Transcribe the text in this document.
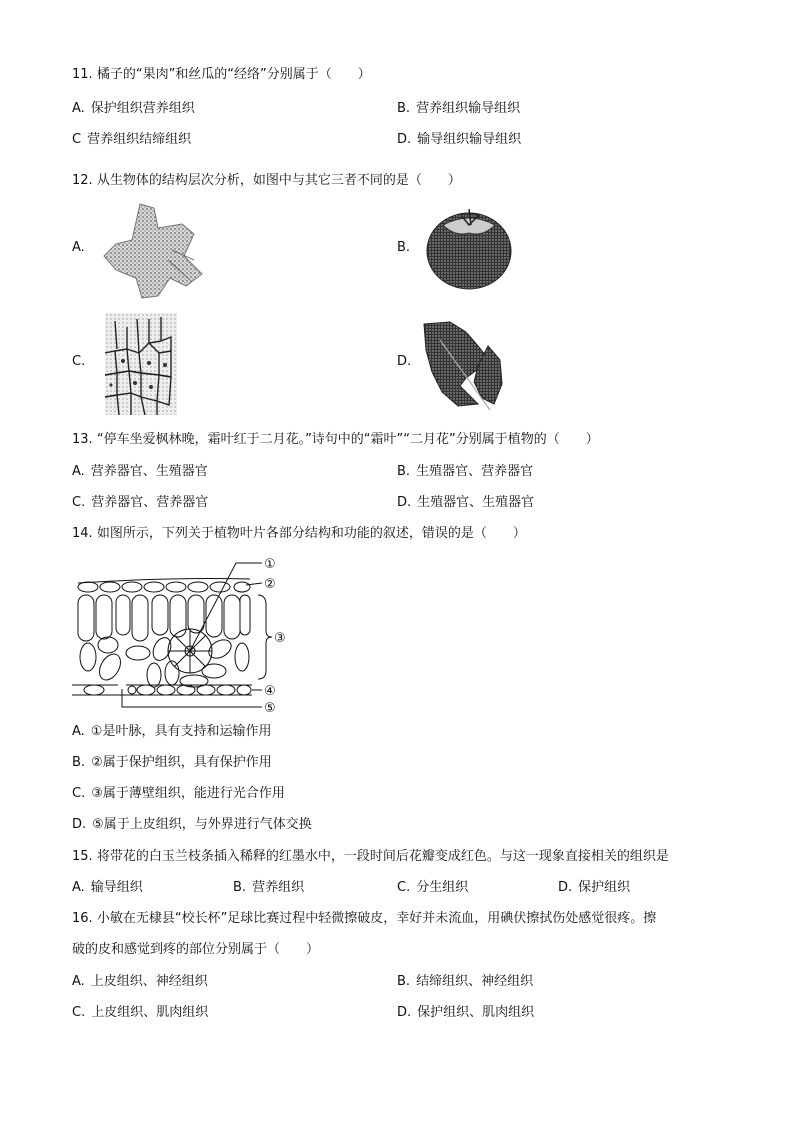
11. 橘子的“果肉”和丝瓜的“经络”分别属于（　　）
A. 保护组织营养组织	B. 营养组织输导组织
C 营养组织结缔组织	D. 输导组织输导组织
12. 从生物体的结构层次分析，如图中与其它三者不同的是（　　）
A.	B.
C.	D.
13. “停车坐爱枫林晚，霜叶红于二月花。”诗句中的“霜叶”“二月花”分别属于植物的（　　）
A. 营养器官、生殖器官	B. 生殖器官、营养器官
C. 营养器官、营养器官	D. 生殖器官、生殖器官
14. 如图所示，下列关于植物叶片各部分结构和功能的叙述，错误的是（　　）
①
②
③
④
⑤
A. ①是叶脉，具有支持和运输作用
B. ②属于保护组织，具有保护作用
C. ③属于薄壁组织，能进行光合作用
D. ⑤属于上皮组织，与外界进行气体交换
15. 将带花的白玉兰枝条插入稀释的红墨水中，一段时间后花瓣变成红色。与这一现象直接相关的组织是
A. 输导组织	B. 营养组织	C. 分生组织	D. 保护组织
16. 小敏在无棣县“校长杯”足球比赛过程中轻微擦破皮，幸好并未流血，用碘伏擦拭伤处感觉很疼。擦
破的皮和感觉到疼的部位分别属于（　　）
A. 上皮组织、神经组织	B. 结缔组织、神经组织
C. 上皮组织、肌肉组织	D. 保护组织、肌肉组织
